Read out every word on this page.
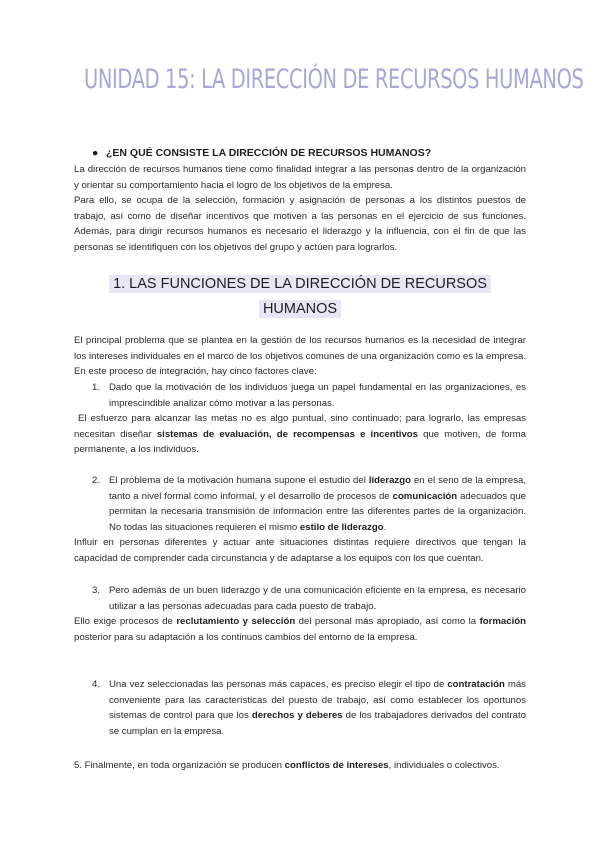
UNIDAD 15: LA DIRECCIÓN DE RECURSOS HUMANOS
● ¿EN QUÉ CONSISTE LA DIRECCIÓN DE RECURSOS HUMANOS?
La dirección de recursos humanos tiene como finalidad integrar a las personas dentro de la organización y orientar su comportamiento hacia el logro de los objetivos de la empresa.
Para ello, se ocupa de la selección, formación y asignación de personas a los distintos puestos de trabajo, así como de diseñar incentivos que motiven a las personas en el ejercicio de sus funciones. Además, para dirigir recursos humanos es necesario el liderazgo y la influencia, con el fin de que las personas se identifiquen con los objetivos del grupo y actúen para lograrlos.
1. LAS FUNCIONES DE LA DIRECCIÓN DE RECURSOS
HUMANOS
El principal problema que se plantea en la gestión de los recursos humanos es la necesidad de integrar los intereses individuales en el marco de los objetivos comunes de una organización como es la empresa. En este proceso de integración, hay cinco factores clave:
1. Dado que la motivación de los individuos juega un papel fundamental en las organizaciones, es imprescindible analizar cómo motivar a las personas.
El esfuerzo para alcanzar las metas no es algo puntual, sino continuado; para lograrlo, las empresas necesitan diseñar sistemas de evaluación, de recompensas e incentivos que motiven, de forma permanente, a los individuos.
2. El problema de la motivación humana supone el estudio del liderazgo en el seno de la empresa, tanto a nivel formal como informal, y el desarrollo de procesos de comunicación adecuados que permitan la necesaria transmisión de información entre las diferentes partes de la organización. No todas las situaciones requieren el mismo estilo de liderazgo.
Influir en personas diferentes y actuar ante situaciones distintas requiere directivos que tengan la capacidad de comprender cada circunstancia y de adaptarse a los equipos con los que cuentan.
3. Pero además de un buen liderazgo y de una comunicación eficiente en la empresa, es necesario utilizar a las personas adecuadas para cada puesto de trabajo.
Ello exige procesos de reclutamiento y selección del personal más apropiado, así como la formación posterior para su adaptación a los continuos cambios del entorno de la empresa.
4. Una vez seleccionadas las personas más capaces, es preciso elegir el tipo de contratación más conveniente para las características del puesto de trabajo, así como establecer los oportunos sistemas de control para que los derechos y deberes de los trabajadores derivados del contrato se cumplan en la empresa.
5. Finalmente, en toda organización se producen conflictos de intereses, individuales o colectivos.
